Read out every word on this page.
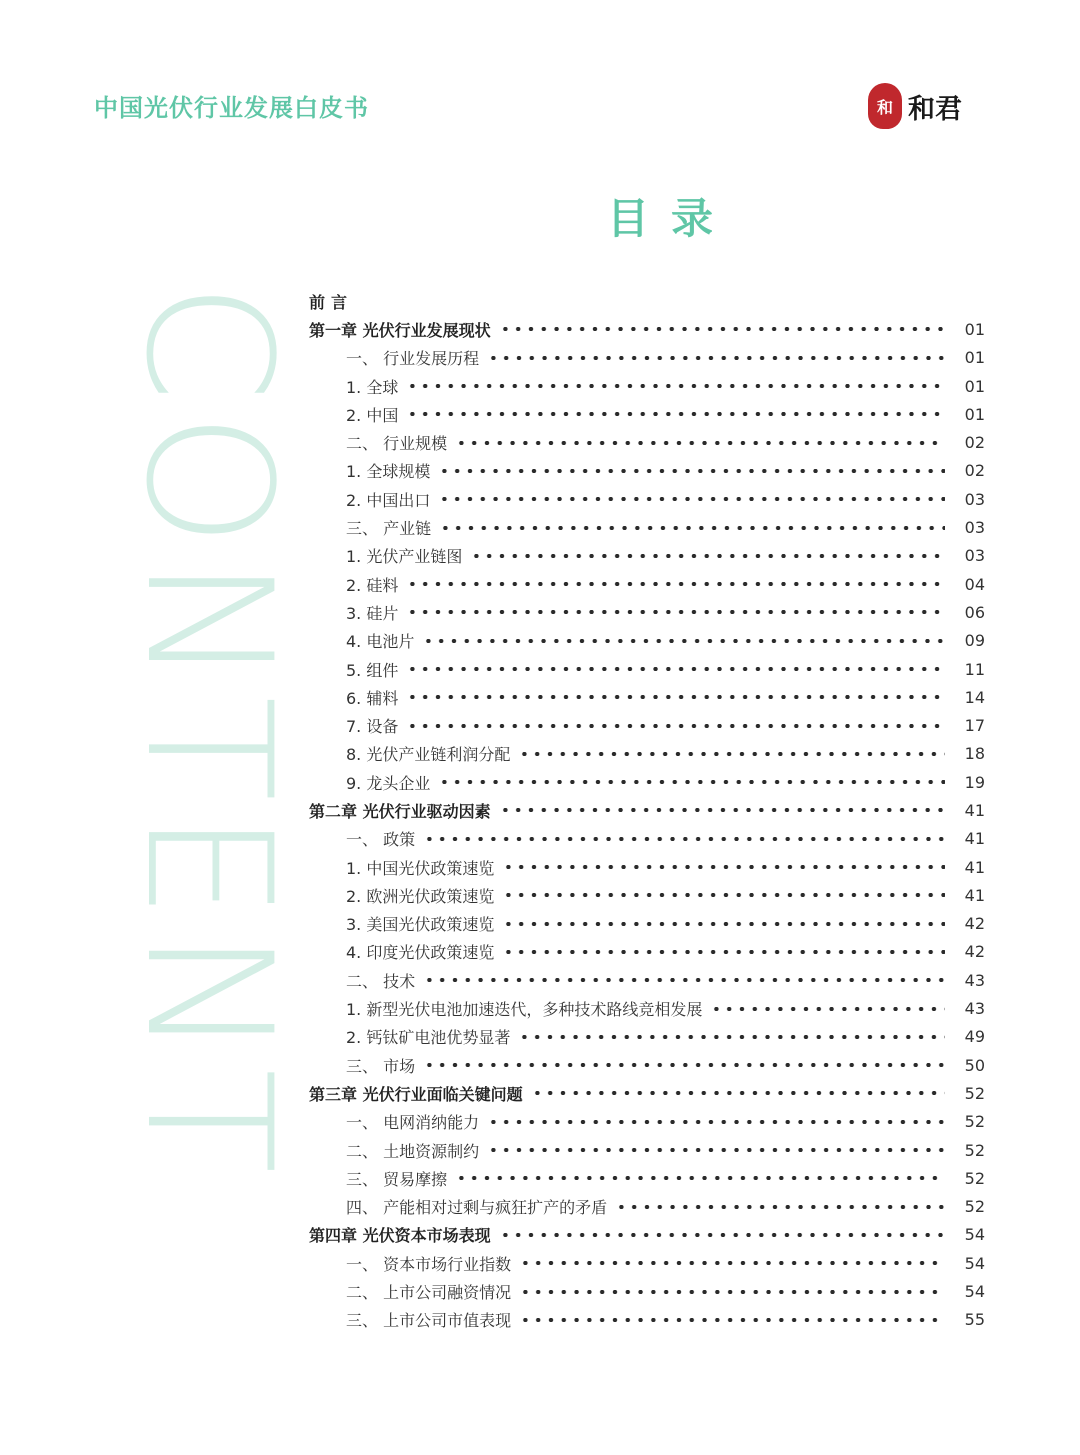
中国光伏行业发展白皮书	和 和君
目录
CONTENT 前言
第一章 光伏行业发展现状	01
一、 行业发展历程	01
1. 全球	01
2. 中国	01
二、 行业规模	02
1. 全球规模	02
2. 中国出口	03
三、 产业链	03
1. 光伏产业链图	03
2. 硅料	04
3. 硅片	06
4. 电池片	09
5. 组件	11
6. 辅料	14
7. 设备	17
8. 光伏产业链利润分配	18
9. 龙头企业	19
第二章 光伏行业驱动因素	41
一、 政策	41
1. 中国光伏政策速览	41
2. 欧洲光伏政策速览	41
3. 美国光伏政策速览	42
4. 印度光伏政策速览	42
二、 技术	43
1. 新型光伏电池加速迭代，多种技术路线竞相发展	43
2. 钙钛矿电池优势显著	49
三、 市场	50
第三章 光伏行业面临关键问题	52
一、 电网消纳能力	52
二、 土地资源制约	52
三、 贸易摩擦	52
四、 产能相对过剩与疯狂扩产的矛盾	52
第四章 光伏资本市场表现	54
一、 资本市场行业指数	54
二、 上市公司融资情况	54
三、 上市公司市值表现	55
